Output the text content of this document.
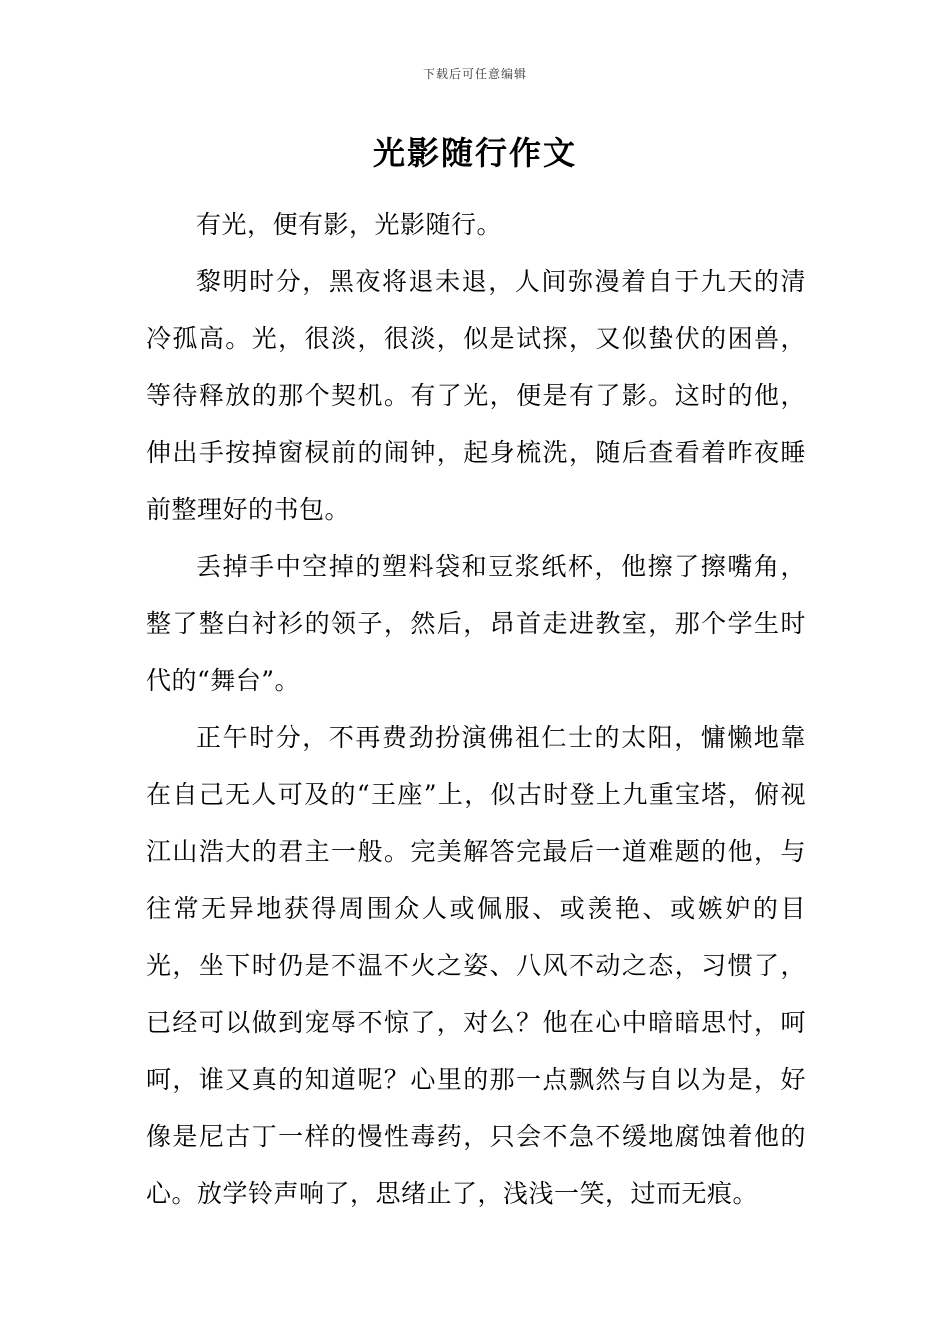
下载后可任意编辑
光影随行作文

有光，便有影，光影随行。

黎明时分，黑夜将退未退，人间弥漫着自于九天的清冷孤高。光，很淡，很淡，似是试探，又似蛰伏的困兽，等待释放的那个契机。有了光，便是有了影。这时的他，伸出手按掉窗棂前的闹钟，起身梳洗，随后查看着昨夜睡前整理好的书包。

丢掉手中空掉的塑料袋和豆浆纸杯，他擦了擦嘴角，整了整白衬衫的领子，然后，昂首走进教室，那个学生时代的“舞台”。

正午时分，不再费劲扮演佛祖仁士的太阳，慵懒地靠在自己无人可及的“王座”上，似古时登上九重宝塔，俯视江山浩大的君主一般。完美解答完最后一道难题的他，与往常无异地获得周围众人或佩服、或羡艳、或嫉妒的目光，坐下时仍是不温不火之姿、八风不动之态，习惯了，已经可以做到宠辱不惊了，对么？他在心中暗暗思忖，呵呵，谁又真的知道呢？心里的那一点飘然与自以为是，好像是尼古丁一样的慢性毒药，只会不急不缓地腐蚀着他的心。放学铃声响了，思绪止了，浅浅一笑，过而无痕。
